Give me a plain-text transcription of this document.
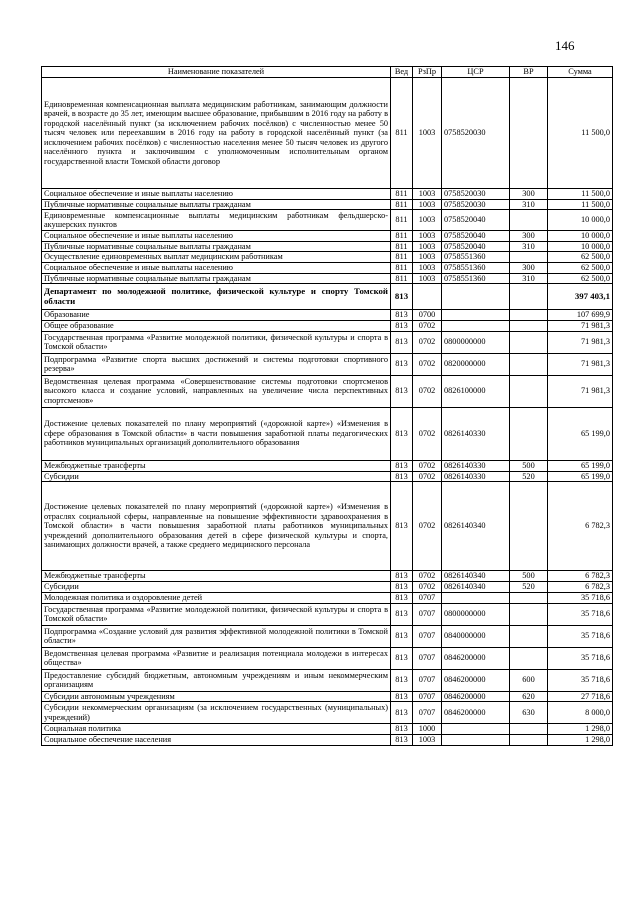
146
Наименование показателей	Вед	РзПр	ЦСР	ВР	Сумма
Единовременная компенсационная выплата медицинским работникам, занимающим должности врачей, в возрасте до 35 лет, имеющим высшее образование, прибывшим в 2016 году на работу в городской населённый пункт (за исключением рабочих посёлков) с численностью менее 50 тысяч человек или переехавшим в 2016 году на работу в городской населённый пункт (за исключением рабочих посёлков) с численностью населения менее 50 тысяч человек из другого населённого пункта и заключившим с уполномоченным исполнительным органом государственной власти Томской области договор	811	1003	0758520030		11 500,0
Социальное обеспечение и иные выплаты населению	811	1003	0758520030	300	11 500,0
Публичные нормативные социальные выплаты гражданам	811	1003	0758520030	310	11 500,0
Единовременные компенсационные выплаты медицинским работникам фельдшерско-акушерских пунктов	811	1003	0758520040		10 000,0
Социальное обеспечение и иные выплаты населению	811	1003	0758520040	300	10 000,0
Публичные нормативные социальные выплаты гражданам	811	1003	0758520040	310	10 000,0
Осуществление единовременных выплат медицинским работникам	811	1003	0758551360		62 500,0
Социальное обеспечение и иные выплаты населению	811	1003	0758551360	300	62 500,0
Публичные нормативные социальные выплаты гражданам	811	1003	0758551360	310	62 500,0
Департамент по молодежной политике, физической культуре и спорту Томской области	813				397 403,1
Образование	813	0700			107 699,9
Общее образование	813	0702			71 981,3
Государственная программа «Развитие молодежной политики, физической культуры и спорта в Томской области»	813	0702	0800000000		71 981,3
Подпрограмма «Развитие спорта высших достижений и системы подготовки спортивного резерва»	813	0702	0820000000		71 981,3
Ведомственная целевая программа «Совершенствование системы подготовки спортсменов высокого класса и создание условий, направленных на увеличение числа перспективных спортсменов»	813	0702	0826100000		71 981,3
Достижение целевых показателей по плану мероприятий («дорожной карте») «Изменения в сфере образования в Томской области» в части повышения заработной платы педагогических работников муниципальных организаций дополнительного образования	813	0702	0826140330		65 199,0
Межбюджетные трансферты	813	0702	0826140330	500	65 199,0
Субсидии	813	0702	0826140330	520	65 199,0
Достижение целевых показателей по плану мероприятий («дорожной карте») «Изменения в отраслях социальной сферы, направленные на повышение эффективности здравоохранения в Томской области» в части повышения заработной платы работников муниципальных учреждений дополнительного образования детей в сфере физической культуры и спорта, занимающих должности врачей, а также среднего медицинского персонала	813	0702	0826140340		6 782,3
Межбюджетные трансферты	813	0702	0826140340	500	6 782,3
Субсидии	813	0702	0826140340	520	6 782,3
Молодежная политика и оздоровление детей	813	0707			35 718,6
Государственная программа «Развитие молодежной политики, физической культуры и спорта в Томской области»	813	0707	0800000000		35 718,6
Подпрограмма «Создание условий для развития эффективной молодежной политики в Томской области»	813	0707	0840000000		35 718,6
Ведомственная целевая программа «Развитие и реализация потенциала молодежи в интересах общества»	813	0707	0846200000		35 718,6
Предоставление субсидий бюджетным, автономным учреждениям и иным некоммерческим организациям	813	0707	0846200000	600	35 718,6
Субсидии автономным учреждениям	813	0707	0846200000	620	27 718,6
Субсидии некоммерческим организациям (за исключением государственных (муниципальных) учреждений)	813	0707	0846200000	630	8 000,0
Социальная политика	813	1000			1 298,0
Социальное обеспечение населения	813	1003			1 298,0
